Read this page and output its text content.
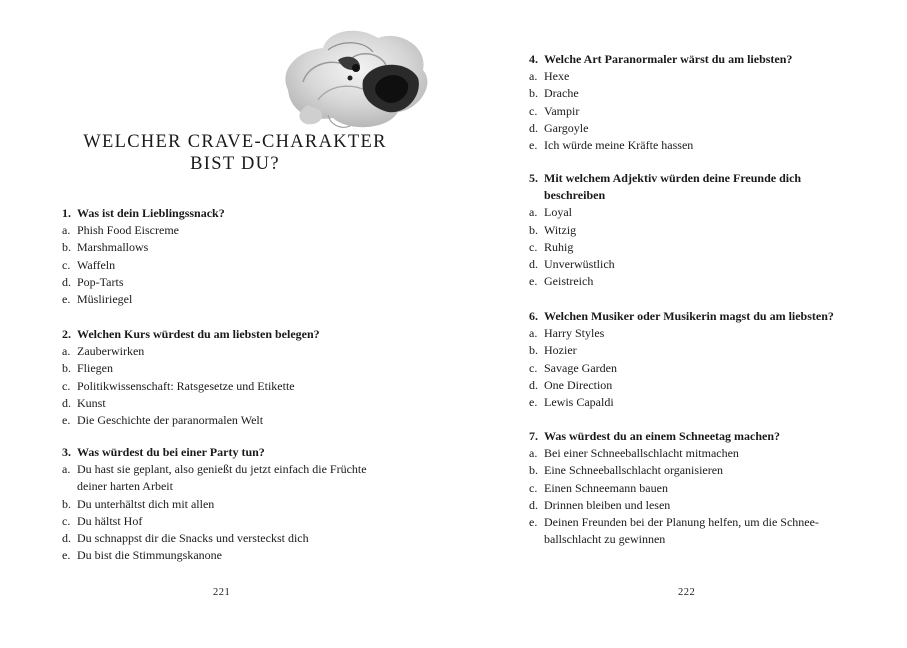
WELCHER CRAVE-CHARAKTER
BIST DU?
1. Was ist dein Lieblingssnack?
a. Phish Food Eiscreme
b. Marshmallows
c. Waffeln
d. Pop-Tarts
e. Müsliriegel
2. Welchen Kurs würdest du am liebsten belegen?
a. Zauberwirken
b. Fliegen
c. Politikwissenschaft: Ratsgesetze und Etikette
d. Kunst
e. Die Geschichte der paranormalen Welt
3. Was würdest du bei einer Party tun?
a. Du hast sie geplant, also genießt du jetzt einfach die Früchte deiner harten Arbeit
b. Du unterhältst dich mit allen
c. Du hältst Hof
d. Du schnappst dir die Snacks und versteckst dich
e. Du bist die Stimmungskanone
221
4. Welche Art Paranormaler wärst du am liebsten?
a. Hexe
b. Drache
c. Vampir
d. Gargoyle
e. Ich würde meine Kräfte hassen
5. Mit welchem Adjektiv würden deine Freunde dich beschreiben
a. Loyal
b. Witzig
c. Ruhig
d. Unverwüstlich
e. Geistreich
6. Welchen Musiker oder Musikerin magst du am liebsten?
a. Harry Styles
b. Hozier
c. Savage Garden
d. One Direction
e. Lewis Capaldi
7. Was würdest du an einem Schneetag machen?
a. Bei einer Schneeballschlacht mitmachen
b. Eine Schneeballschlacht organisieren
c. Einen Schneemann bauen
d. Drinnen bleiben und lesen
e. Deinen Freunden bei der Planung helfen, um die Schneeballschlacht zu gewinnen
222
